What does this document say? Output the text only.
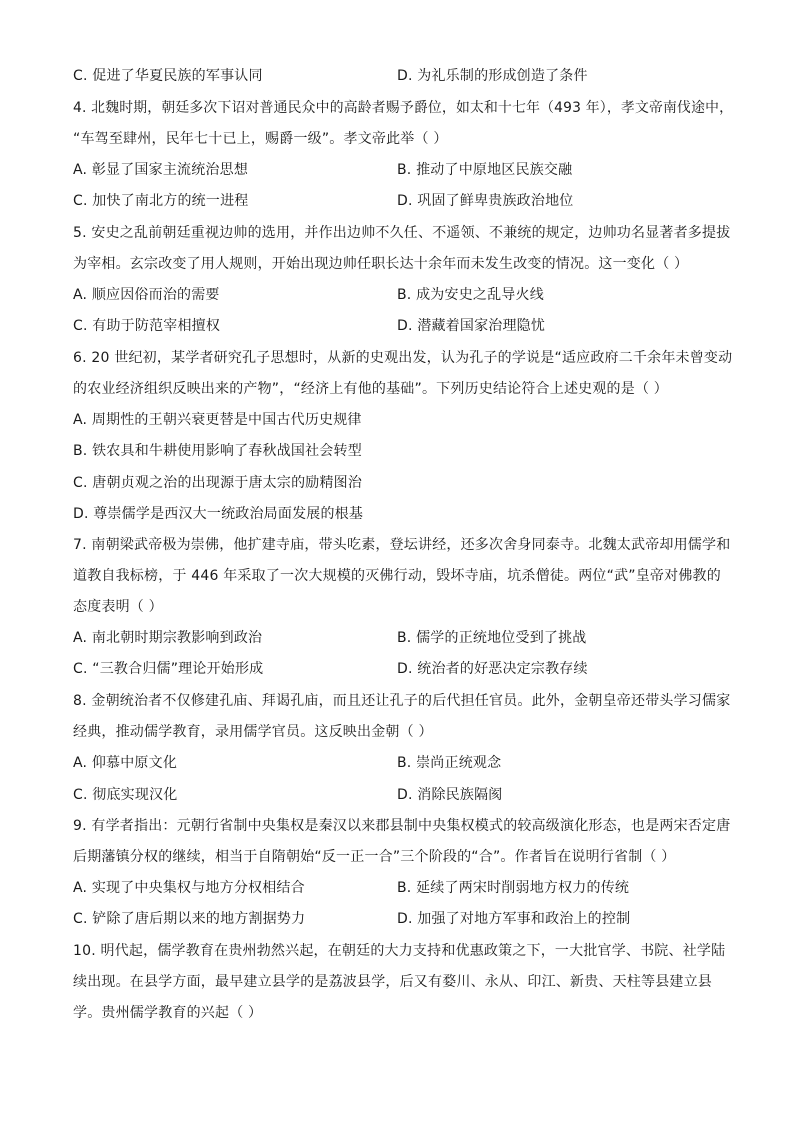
C. 促进了华夏民族的军事认同	D. 为礼乐制的形成创造了条件
4. 北魏时期，朝廷多次下诏对普通民众中的高龄者赐予爵位，如太和十七年（493 年），孝文帝南伐途中，
“车驾至肆州，民年七十已上，赐爵一级”。孝文帝此举（ ）
A. 彰显了国家主流统治思想	B. 推动了中原地区民族交融
C. 加快了南北方的统一进程	D. 巩固了鲜卑贵族政治地位
5. 安史之乱前朝廷重视边帅的选用，并作出边帅不久任、不遥领、不兼统的规定，边帅功名显著者多提拔
为宰相。玄宗改变了用人规则，开始出现边帅任职长达十余年而未发生改变的情况。这一变化（ ）
A. 顺应因俗而治的需要	B. 成为安史之乱导火线
C. 有助于防范宰相擅权	D. 潜藏着国家治理隐忧
6. 20 世纪初，某学者研究孔子思想时，从新的史观出发，认为孔子的学说是“适应政府二千余年未曾变动
的农业经济组织反映出来的产物”，“经济上有他的基础”。下列历史结论符合上述史观的是（ ）
A. 周期性的王朝兴衰更替是中国古代历史规律
B. 铁农具和牛耕使用影响了春秋战国社会转型
C. 唐朝贞观之治的出现源于唐太宗的励精图治
D. 尊崇儒学是西汉大一统政治局面发展的根基
7. 南朝梁武帝极为崇佛，他扩建寺庙，带头吃素，登坛讲经，还多次舍身同泰寺。北魏太武帝却用儒学和
道教自我标榜，于 446 年采取了一次大规模的灭佛行动，毁坏寺庙，坑杀僧徒。两位“武”皇帝对佛教的
态度表明（ ）
A. 南北朝时期宗教影响到政治	B. 儒学的正统地位受到了挑战
C. “三教合归儒”理论开始形成	D. 统治者的好恶决定宗教存续
8. 金朝统治者不仅修建孔庙、拜谒孔庙，而且还让孔子的后代担任官员。此外，金朝皇帝还带头学习儒家
经典，推动儒学教育，录用儒学官员。这反映出金朝（ ）
A. 仰慕中原文化	B. 崇尚正统观念
C. 彻底实现汉化	D. 消除民族隔阂
9. 有学者指出：元朝行省制中央集权是秦汉以来郡县制中央集权模式的较高级演化形态，也是两宋否定唐
后期藩镇分权的继续，相当于自隋朝始“反一正一合”三个阶段的“合”。作者旨在说明行省制（ ）
A. 实现了中央集权与地方分权相结合	B. 延续了两宋时削弱地方权力的传统
C. 铲除了唐后期以来的地方割据势力	D. 加强了对地方军事和政治上的控制
10. 明代起，儒学教育在贵州勃然兴起，在朝廷的大力支持和优惠政策之下，一大批官学、书院、社学陆
续出现。在县学方面，最早建立县学的是荔波县学，后又有婺川、永从、印江、新贵、天柱等县建立县
学。贵州儒学教育的兴起（ ）
